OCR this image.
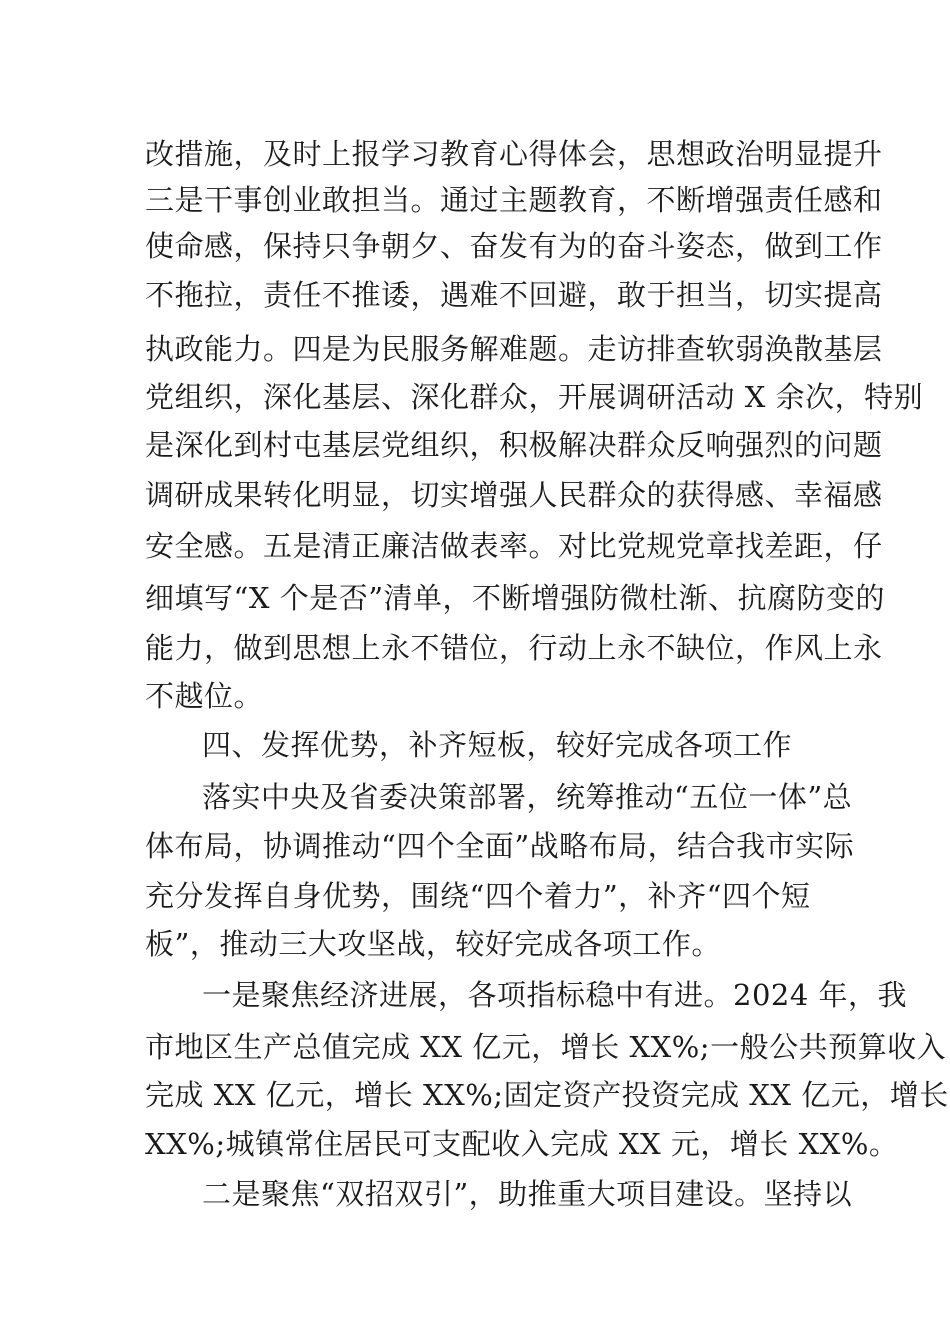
改措施，及时上报学习教育心得体会，思想政治明显提升
三是干事创业敢担当。通过主题教育，不断增强责任感和
使命感，保持只争朝夕、奋发有为的奋斗姿态，做到工作
不拖拉，责任不推诿，遇难不回避，敢于担当，切实提高
执政能力。四是为民服务解难题。走访排查软弱涣散基层
党组织，深化基层、深化群众，开展调研活动 X 余次，特别
是深化到村屯基层党组织，积极解决群众反响强烈的问题
调研成果转化明显，切实增强人民群众的获得感、幸福感
安全感。五是清正廉洁做表率。对比党规党章找差距，仔
细填写“X 个是否”清单，不断增强防微杜渐、抗腐防变的
能力，做到思想上永不错位，行动上永不缺位，作风上永
不越位。
四、发挥优势，补齐短板，较好完成各项工作
落实中央及省委决策部署，统筹推动“五位一体”总
体布局，协调推动“四个全面”战略布局，结合我市实际
充分发挥自身优势，围绕“四个着力”，补齐“四个短
板”，推动三大攻坚战，较好完成各项工作。
一是聚焦经济进展，各项指标稳中有进。2024 年，我
市地区生产总值完成 XX 亿元，增长 XX%;一般公共预算收入
完成 XX 亿元，增长 XX%;固定资产投资完成 XX 亿元，增长
XX%;城镇常住居民可支配收入完成 XX 元，增长 XX%。
二是聚焦“双招双引”，助推重大项目建设。坚持以
